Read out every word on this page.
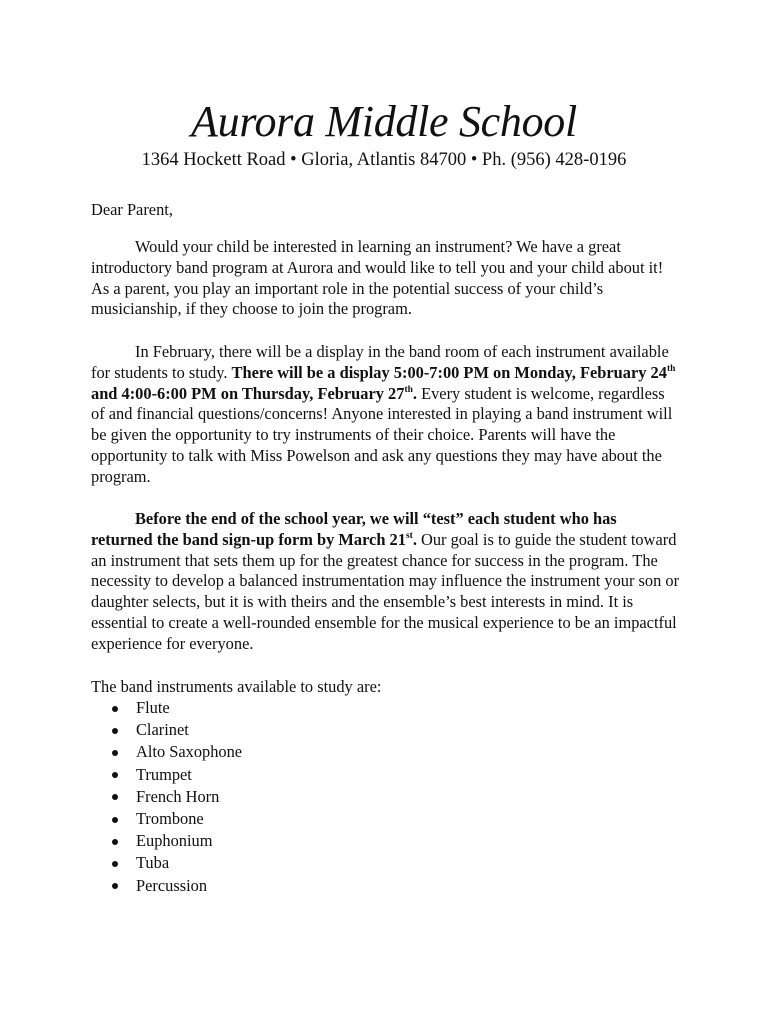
Aurora Middle School
1364 Hockett Road • Gloria, Atlantis 84700 • Ph. (956) 428-0196

Dear Parent,

Would your child be interested in learning an instrument? We have a great introductory band program at Aurora and would like to tell you and your child about it! As a parent, you play an important role in the potential success of your child’s musicianship, if they choose to join the program.

In February, there will be a display in the band room of each instrument available for students to study. There will be a display 5:00-7:00 PM on Monday, February 24th and 4:00-6:00 PM on Thursday, February 27th. Every student is welcome, regardless of and financial questions/concerns! Anyone interested in playing a band instrument will be given the opportunity to try instruments of their choice. Parents will have the opportunity to talk with Miss Powelson and ask any questions they may have about the program.

Before the end of the school year, we will “test” each student who has returned the band sign-up form by March 21st. Our goal is to guide the student toward an instrument that sets them up for the greatest chance for success in the program. The necessity to develop a balanced instrumentation may influence the instrument your son or daughter selects, but it is with theirs and the ensemble’s best interests in mind. It is essential to create a well-rounded ensemble for the musical experience to be an impactful experience for everyone.

The band instruments available to study are:

Flute
Clarinet
Alto Saxophone
Trumpet
French Horn
Trombone
Euphonium
Tuba
Percussion
